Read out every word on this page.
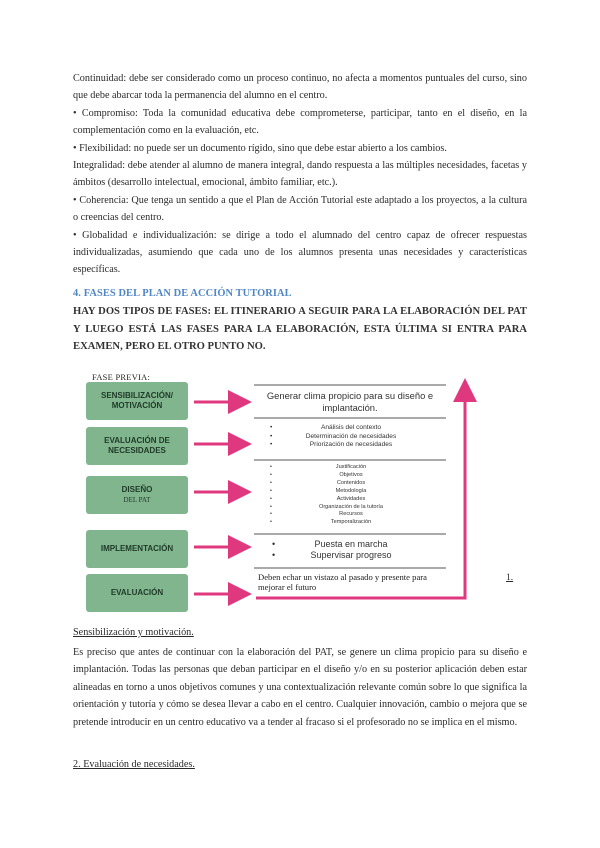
Continuidad: debe ser considerado como un proceso continuo, no afecta a momentos puntuales del curso, sino que debe abarcar toda la permanencia del alumno en el centro.

• Compromiso: Toda la comunidad educativa debe comprometerse, participar, tanto en el diseño, en la complementación como en la evaluación, etc.

• Flexibilidad: no puede ser un documento rígido, sino que debe estar abierto a los cambios.

Integralidad: debe atender al alumno de manera integral, dando respuesta a las múltiples necesidades, facetas y ámbitos (desarrollo intelectual, emocional, ámbito familiar, etc.).

• Coherencia: Que tenga un sentido a que el Plan de Acción Tutorial este adaptado a los proyectos, a la cultura o creencias del centro.

• Globalidad e individualización: se dirige a todo el alumnado del centro capaz de ofrecer respuestas individualizadas, asumiendo que cada uno de los alumnos presenta unas necesidades y características específicas.

4. FASES DEL PLAN DE ACCIÓN TUTORIAL
HAY DOS TIPOS DE FASES: EL ITINERARIO A SEGUIR PARA LA ELABORACIÓN DEL PAT
Y LUEGO ESTÁ LAS FASES PARA LA ELABORACIÓN, ESTA ÚLTIMA SI ENTRA PARA
EXAMEN, PERO EL OTRO PUNTO NO.
FASE PREVIA:
SENSIBILIZACIÓN/ MOTIVACIÓN
EVALUACIÓN DE NECESIDADES
DISEÑO
DEL PAT
IMPLEMENTACIÓN
EVALUACIÓN
Generar clima propicio para su diseño e implantación.
•	Análisis del contexto
•	Determinación de necesidades
•	Priorización de necesidades
•	Justificación
•	Objetivos
•	Contenidos
•	Metodología
•	Actividades
•	Organización de la tutoría
•	Recursos
•	Temporalización
•	Puesta en marcha
•	Supervisar progreso
Deben echar un vistazo al pasado y presente para mejorar el futuro
1.
Sensibilización y motivación.
Es preciso que antes de continuar con la elaboración del PAT, se genere un clima propicio para su diseño e implantación. Todas las personas que deban participar en el diseño y/o en su posterior aplicación deben estar alineadas en torno a unos objetivos comunes y una contextualización relevante común sobre lo que significa la orientación y tutoría y cómo se desea llevar a cabo en el centro. Cualquier innovación, cambio o mejora que se pretende introducir en un centro educativo va a tender al fracaso si el profesorado no se implica en el mismo.
2. Evaluación de necesidades.
